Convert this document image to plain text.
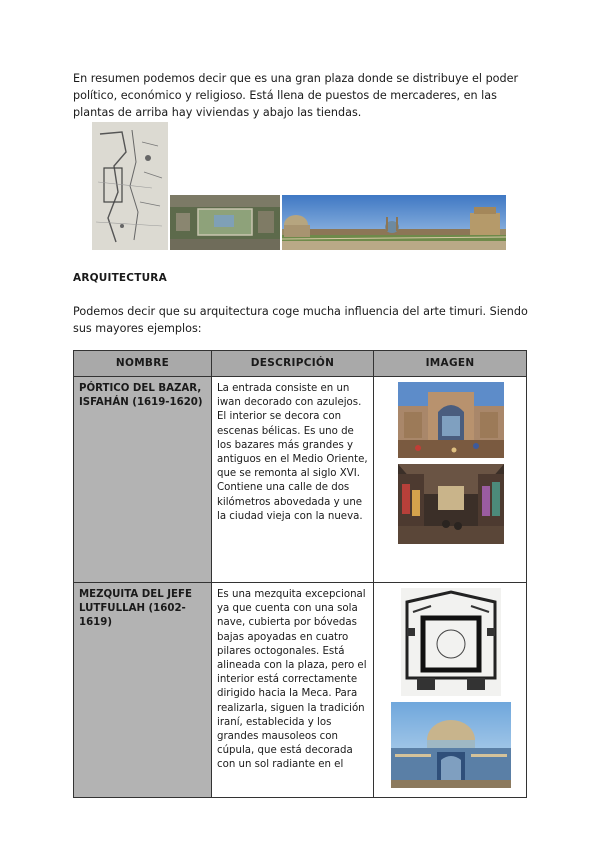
En resumen podemos decir que es una gran plaza donde se distribuye el poder político, económico y religioso. Está llena de puestos de mercaderes, en las plantas de arriba hay viviendas y abajo las tiendas.

ARQUITECTURA

Podemos decir que su arquitectura coge mucha influencia del arte timuri. Siendo sus mayores ejemplos:

NOMBRE	DESCRIPCIÓN	IMAGEN
PÓRTICO DEL BAZAR, ISFAHÁN (1619-1620)	La entrada consiste en un iwan decorado con azulejos. El interior se decora con escenas bélicas. Es uno de los bazares más grandes y antiguos en el Medio Oriente, que se remonta al siglo XVI. Contiene una calle de dos kilómetros abovedada y une la ciudad vieja con la nueva.	

MEZQUITA DEL JEFE LUTFULLAH (1602-1619)	Es una mezquita excepcional ya que cuenta con una sola nave, cubierta por bóvedas bajas apoyadas en cuatro pilares octogonales. Está alineada con la plaza, pero el interior está correctamente dirigido hacia la Meca. Para realizarla, siguen la tradición iraní, establecida y los grandes mausoleos con cúpula, que está decorada con un sol radiante en el	
